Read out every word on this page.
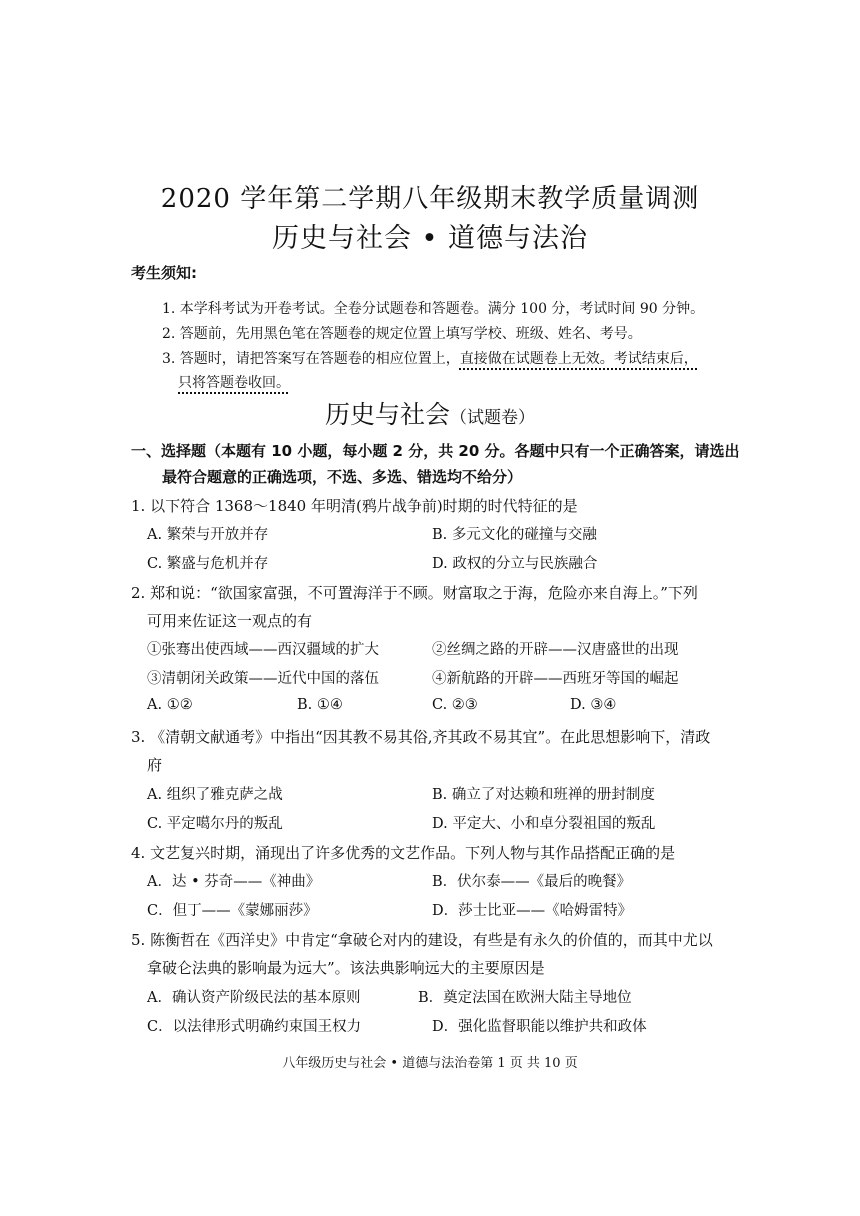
2020 学年第二学期八年级期末教学质量调测
历史与社会 • 道德与法治
考生须知:
1. 本学科考试为开卷考试。全卷分试题卷和答题卷。满分 100 分，考试时间 90 分钟。
2. 答题前，先用黑色笔在答题卷的规定位置上填写学校、班级、姓名、考号。
3. 答题时，请把答案写在答题卷的相应位置上，直接做在试题卷上无效。考试结束后，
只将答题卷收回。
历史与社会（试题卷）
一、选择题（本题有 10 小题，每小题 2 分，共 20 分。各题中只有一个正确答案，请选出
最符合题意的正确选项，不选、多选、错选均不给分）
1. 以下符合 1368～1840 年明清(鸦片战争前)时期的时代特征的是
A. 繁荣与开放并存	B. 多元文化的碰撞与交融
C. 繁盛与危机并存	D. 政权的分立与民族融合
2. 郑和说：“欲国家富强，不可置海洋于不顾。财富取之于海，危险亦来自海上。”下列
可用来佐证这一观点的有
①张骞出使西域——西汉疆域的扩大	②丝绸之路的开辟——汉唐盛世的出现
③清朝闭关政策——近代中国的落伍	④新航路的开辟——西班牙等国的崛起
A. ①②	B. ①④	C. ②③	D. ③④
3. 《清朝文献通考》中指出“因其教不易其俗,齐其政不易其宜”。在此思想影响下，清政
府
A. 组织了雅克萨之战	B. 确立了对达赖和班禅的册封制度
C. 平定噶尔丹的叛乱	D. 平定大、小和卓分裂祖国的叛乱
4. 文艺复兴时期，涌现出了许多优秀的文艺作品。下列人物与其作品搭配正确的是
A．达 • 芬奇——《神曲》	B．伏尔泰——《最后的晚餐》
C．但丁——《蒙娜丽莎》	D．莎士比亚——《哈姆雷特》
5. 陈衡哲在《西洋史》中肯定“拿破仑对内的建设，有些是有永久的价值的，而其中尤以
拿破仑法典的影响最为远大”。该法典影响远大的主要原因是
A．确认资产阶级民法的基本原则	B．奠定法国在欧洲大陆主导地位
C．以法律形式明确约束国王权力	D．强化监督职能以维护共和政体
八年级历史与社会 • 道德与法治卷第 1 页 共 10 页
